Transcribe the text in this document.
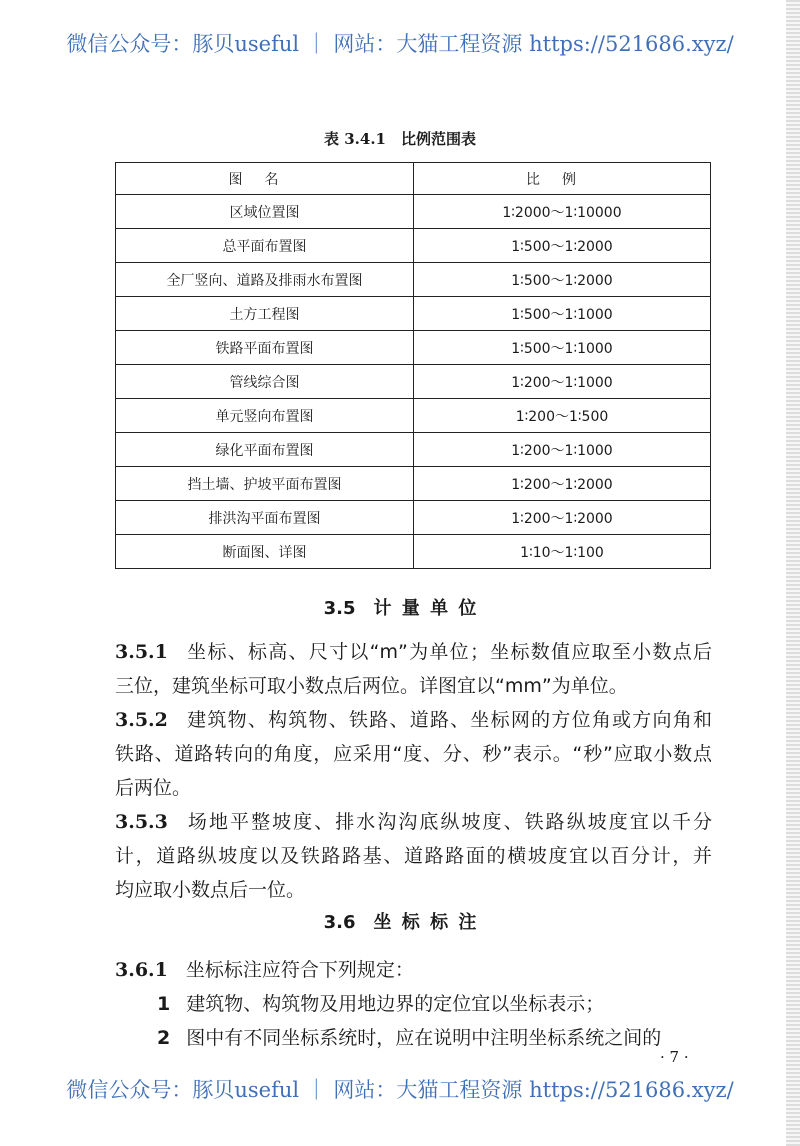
微信公众号：豚贝useful ｜ 网站：大猫工程资源 https://521686.xyz/
表 3.4.1　比例范围表
图名	比例
区域位置图	1∶2000～1∶10000
总平面布置图	1∶500～1∶2000
全厂竖向、道路及排雨水布置图	1∶500～1∶2000
土方工程图	1∶500～1∶1000
铁路平面布置图	1∶500～1∶1000
管线综合图	1∶200～1∶1000
单元竖向布置图	1∶200～1∶500
绿化平面布置图	1∶200～1∶1000
挡土墙、护坡平面布置图	1∶200～1∶2000
排洪沟平面布置图	1∶200～1∶2000
断面图、详图	1∶10～1∶100
3.5　计 量 单 位
3.5.1 坐标、标高、尺寸以“m”为单位；坐标数值应取至小数点后
三位，建筑坐标可取小数点后两位。详图宜以“mm”为单位。
3.5.2 建筑物、构筑物、铁路、道路、坐标网的方位角或方向角和
铁路、道路转向的角度，应采用“度、分、秒”表示。“秒”应取小数点
后两位。
3.5.3 场地平整坡度、排水沟沟底纵坡度、铁路纵坡度宜以千分
计，道路纵坡度以及铁路路基、道路路面的横坡度宜以百分计，并
均应取小数点后一位。
3.6　坐 标 标 注
3.6.1 坐标标注应符合下列规定：
1 建筑物、构筑物及用地边界的定位宜以坐标表示；
2 图中有不同坐标系统时，应在说明中注明坐标系统之间的
· 7 ·
微信公众号：豚贝useful ｜ 网站：大猫工程资源 https://521686.xyz/
